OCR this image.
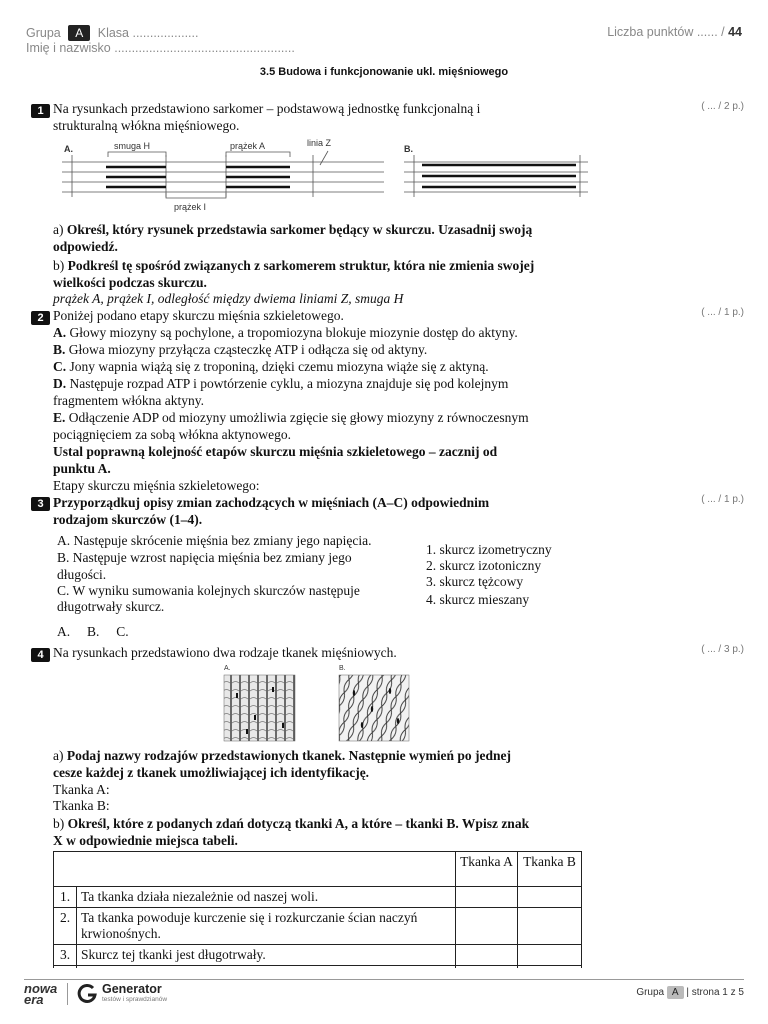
Grupa A Klasa ...................
Imię i nazwisko ....................................................
Liczba punktów ...... / 44
3.5 Budowa i funkcjonowanie ukl. mięśniowego
1	( ... / 2 p.)
Na rysunkach przedstawiono sarkomer – podstawową jednostkę funkcjonalną i
strukturalną włókna mięśniowego.
A.	smuga H	prążek A	linia Z
prążek I
B.
a) Określ, który rysunek przedstawia sarkomer będący w skurczu. Uzasadnij swoją
odpowiedź.
b) Podkreśl tę spośród związanych z sarkomerem struktur, która nie zmienia swojej
wielkości podczas skurczu.
prążek A, prążek I, odległość między dwiema liniami Z, smuga H
2	( ... / 1 p.)
Poniżej podano etapy skurczu mięśnia szkieletowego.
A. Głowy miozyny są pochylone, a tropomiozyna blokuje miozynie dostęp do aktyny.
B. Głowa miozyny przyłącza cząsteczkę ATP i odłącza się od aktyny.
C. Jony wapnia wiążą się z troponiną, dzięki czemu miozyna wiąże się z aktyną.
D. Następuje rozpad ATP i powtórzenie cyklu, a miozyna znajduje się pod kolejnym
fragmentem włókna aktyny.
E. Odłączenie ADP od miozyny umożliwia zgięcie się głowy miozyny z równoczesnym
pociągnięciem za sobą włókna aktynowego.
Ustal poprawną kolejność etapów skurczu mięśnia szkieletowego – zacznij od
punktu A.
Etapy skurczu mięśnia szkieletowego:
3	( ... / 1 p.)
Przyporządkuj opisy zmian zachodzących w mięśniach (A–C) odpowiednim
rodzajom skurczów (1–4).
A. Następuje skrócenie mięśnia bez zmiany jego napięcia.
B. Następuje wzrost napięcia mięśnia bez zmiany jego
długości.
C. W wyniku sumowania kolejnych skurczów następuje
długotrwały skurcz.
1. skurcz izometryczny
2. skurcz izotoniczny
3. skurcz tężcowy
4. skurcz mieszany
A.     B.     C.
4	( ... / 3 p.)
Na rysunkach przedstawiono dwa rodzaje tkanek mięśniowych.
A.	B.
a) Podaj nazwy rodzajów przedstawionych tkanek. Następnie wymień po jednej
cesze każdej z tkanek umożliwiającej ich identyfikację.
Tkanka A:
Tkanka B:
b) Określ, które z podanych zdań dotyczą tkanki A, a które – tkanki B. Wpisz znak
X w odpowiednie miejsca tabeli.
		Tkanka A	Tkanka B
1.	Ta tkanka działa niezależnie od naszej woli.		
2.	Ta tkanka powoduje kurczenie się i rozkurczanie ścian naczyń krwionośnych.		
3.	Skurcz tej tkanki jest długotrwały.		

nowa
era
Generator
testów i sprawdzianów
Grupa A | strona 1 z 5
